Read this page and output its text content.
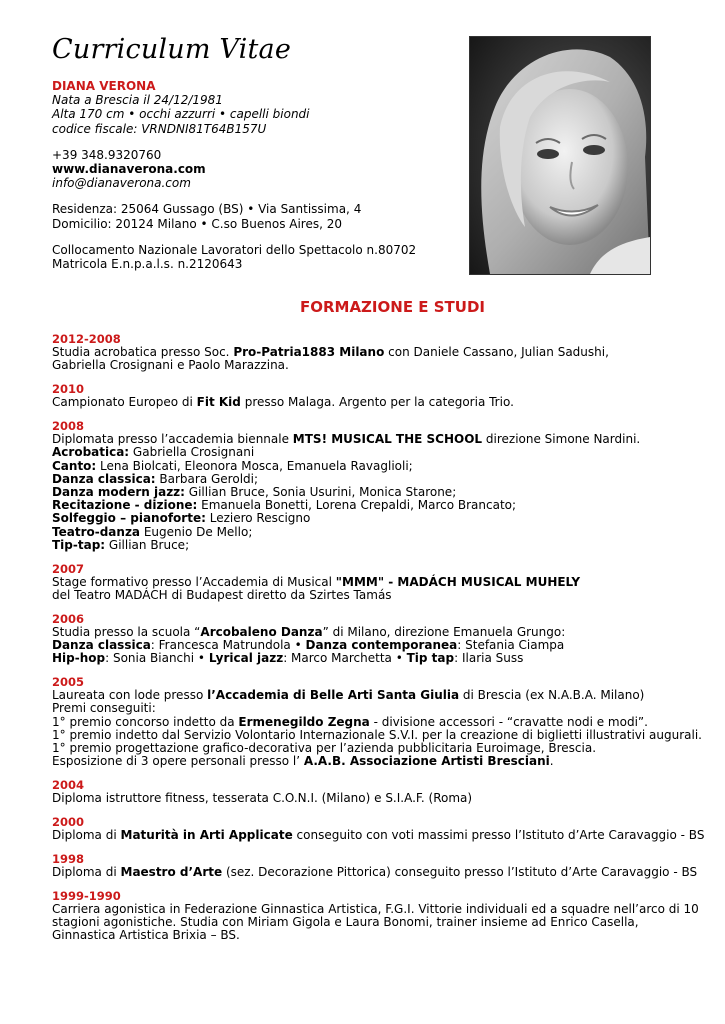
Curriculum Vitae
DIANA VERONA
Nata a Brescia il 24/12/1981
Alta 170 cm • occhi azzurri • capelli biondi
codice fiscale: VRNDNI81T64B157U
+39 348.9320760
www.dianaverona.com
info@dianaverona.com
Residenza: 25064 Gussago (BS) • Via Santissima, 4
Domicilio: 20124 Milano • C.so Buenos Aires, 20
Collocamento Nazionale Lavoratori dello Spettacolo n.80702
Matricola E.n.p.a.l.s. n.2120643
FORMAZIONE E STUDI
2012-2008
Studia acrobatica presso Soc. Pro-Patria1883 Milano con Daniele Cassano, Julian Sadushi,
Gabriella Crosignani e Paolo Marazzina.
2010
Campionato Europeo di Fit Kid presso Malaga. Argento per la categoria Trio.
2008
Diplomata presso l’accademia biennale MTS! MUSICAL THE SCHOOL direzione Simone Nardini.
Acrobatica: Gabriella Crosignani
Canto: Lena Biolcati, Eleonora Mosca, Emanuela Ravaglioli;
Danza classica: Barbara Geroldi;
Danza modern jazz: Gillian Bruce, Sonia Usurini, Monica Starone;
Recitazione - dizione: Emanuela Bonetti, Lorena Crepaldi, Marco Brancato;
Solfeggio – pianoforte: Leziero Rescigno
Teatro-danza Eugenio De Mello;
Tip-tap: Gillian Bruce;
2007
Stage formativo presso l’Accademia di Musical "MMM" - MADÁCH MUSICAL MUHELY
del Teatro MADÁCH di Budapest diretto da Szirtes Tamás
2006
Studia presso la scuola “Arcobaleno Danza” di Milano, direzione Emanuela Grungo:
Danza classica: Francesca Matrundola • Danza contemporanea: Stefania Ciampa
Hip-hop: Sonia Bianchi • Lyrical jazz: Marco Marchetta • Tip tap: Ilaria Suss
2005
Laureata con lode presso l’Accademia di Belle Arti Santa Giulia di Brescia (ex N.A.B.A. Milano)
Premi conseguiti:
1° premio concorso indetto da Ermenegildo Zegna - divisione accessori - “cravatte nodi e modi”.
1° premio indetto dal Servizio Volontario Internazionale S.V.I. per la creazione di biglietti illustrativi augurali.
1° premio progettazione grafico-decorativa per l’azienda pubblicitaria Euroimage, Brescia.
Esposizione di 3 opere personali presso l’ A.A.B. Associazione Artisti Bresciani.
2004
Diploma istruttore fitness, tesserata C.O.N.I. (Milano) e S.I.A.F. (Roma)
2000
Diploma di Maturità in Arti Applicate conseguito con voti massimi presso l’Istituto d’Arte Caravaggio - BS
1998
Diploma di Maestro d’Arte (sez. Decorazione Pittorica) conseguito presso l’Istituto d’Arte Caravaggio - BS
1999-1990
Carriera agonistica in Federazione Ginnastica Artistica, F.G.I. Vittorie individuali ed a squadre nell’arco di 10
stagioni agonistiche. Studia con Miriam Gigola e Laura Bonomi, trainer insieme ad Enrico Casella,
Ginnastica Artistica Brixia – BS.
